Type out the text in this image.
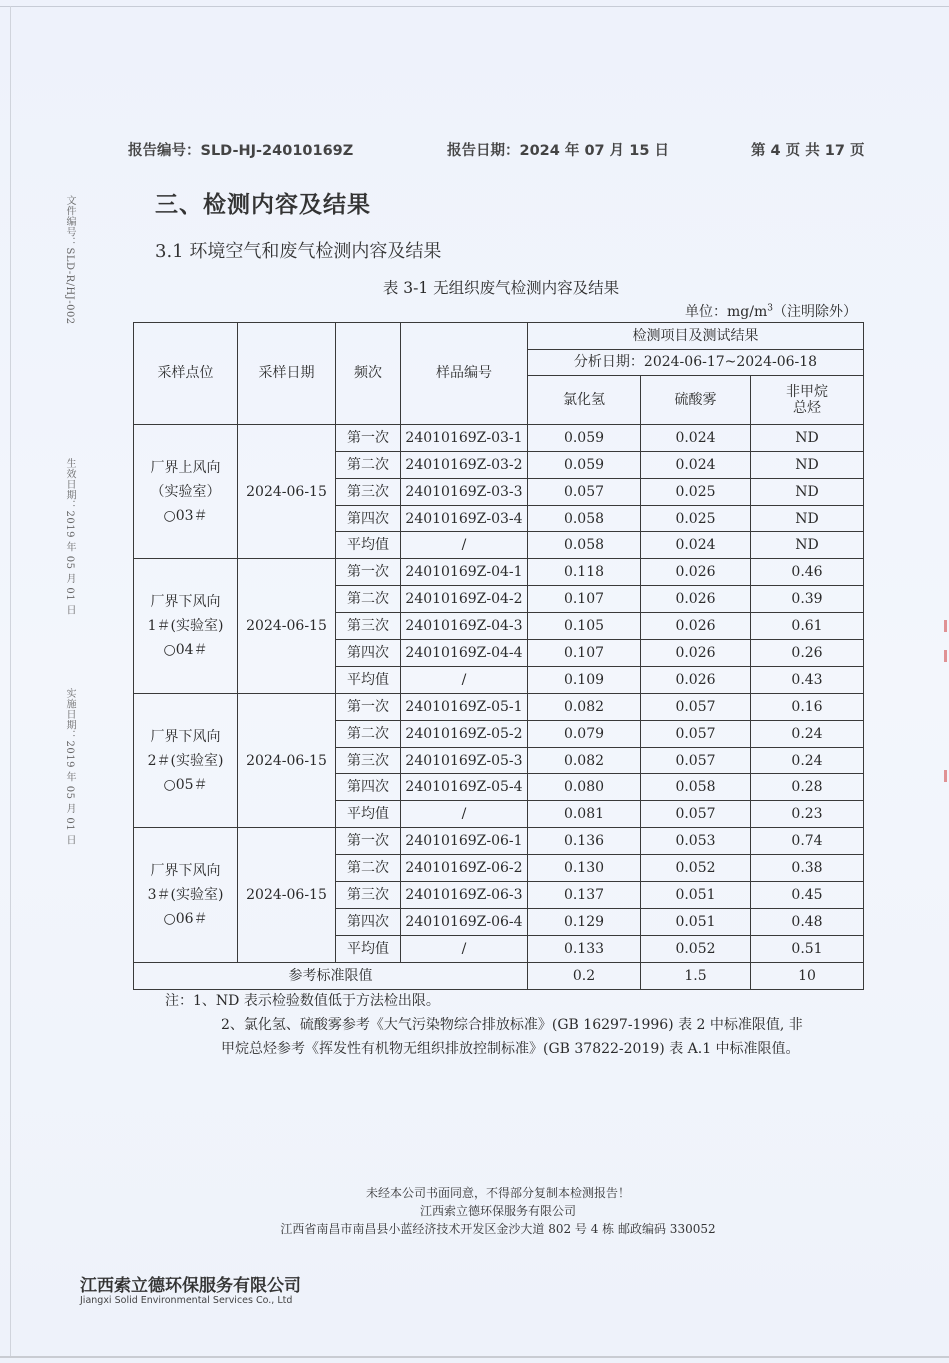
报告编号：SLD-HJ-24010169Z	报告日期：2024 年 07 月 15 日	第 4 页 共 17 页
文件编号：SLD-R/HJ-002
生效日期：2019 年 05 月 01 日
实施日期：2019 年 05 月 01 日
三、检测内容及结果
3.1 环境空气和废气检测内容及结果
表 3-1 无组织废气检测内容及结果
单位：$mg/m^3$（注明除外）
采样点位	采样日期	频次	样品编号	检测项目及测试结果		
				分析日期：2024-06-17~2024-06-18		
				氯化氢	硫酸雾	非甲烷
总烃
厂界上风向
（实验室）
○03＃	2024-06-15	第一次	24010169Z-03-1	0.059	0.024	ND
		第二次	24010169Z-03-2	0.059	0.024	ND
		第三次	24010169Z-03-3	0.057	0.025	ND
		第四次	24010169Z-03-4	0.058	0.025	ND
		平均值	/	0.058	0.024	ND
厂界下风向
1＃(实验室)
○04＃	2024-06-15	第一次	24010169Z-04-1	0.118	0.026	0.46
		第二次	24010169Z-04-2	0.107	0.026	0.39
		第三次	24010169Z-04-3	0.105	0.026	0.61
		第四次	24010169Z-04-4	0.107	0.026	0.26
		平均值	/	0.109	0.026	0.43
厂界下风向
2＃(实验室)
○05＃	2024-06-15	第一次	24010169Z-05-1	0.082	0.057	0.16
		第二次	24010169Z-05-2	0.079	0.057	0.24
		第三次	24010169Z-05-3	0.082	0.057	0.24
		第四次	24010169Z-05-4	0.080	0.058	0.28
		平均值	/	0.081	0.057	0.23
厂界下风向
3＃(实验室)
○06＃	2024-06-15	第一次	24010169Z-06-1	0.136	0.053	0.74
		第二次	24010169Z-06-2	0.130	0.052	0.38
		第三次	24010169Z-06-3	0.137	0.051	0.45
		第四次	24010169Z-06-4	0.129	0.051	0.48
		平均值	/	0.133	0.052	0.51
参考标准限值				0.2	1.5	10
注：1、ND 表示检验数值低于方法检出限。
2、氯化氢、硫酸雾参考《大气污染物综合排放标准》(GB 16297-1996) 表 2 中标准限值, 非
甲烷总烃参考《挥发性有机物无组织排放控制标准》(GB 37822-2019) 表 A.1 中标准限值。
未经本公司书面同意，不得部分复制本检测报告！
江西索立德环保服务有限公司
江西省南昌市南昌县小蓝经济技术开发区金沙大道 802 号 4 栋 邮政编码 330052
江西索立德环保服务有限公司
Jiangxi Solid Environmental Services Co., Ltd
